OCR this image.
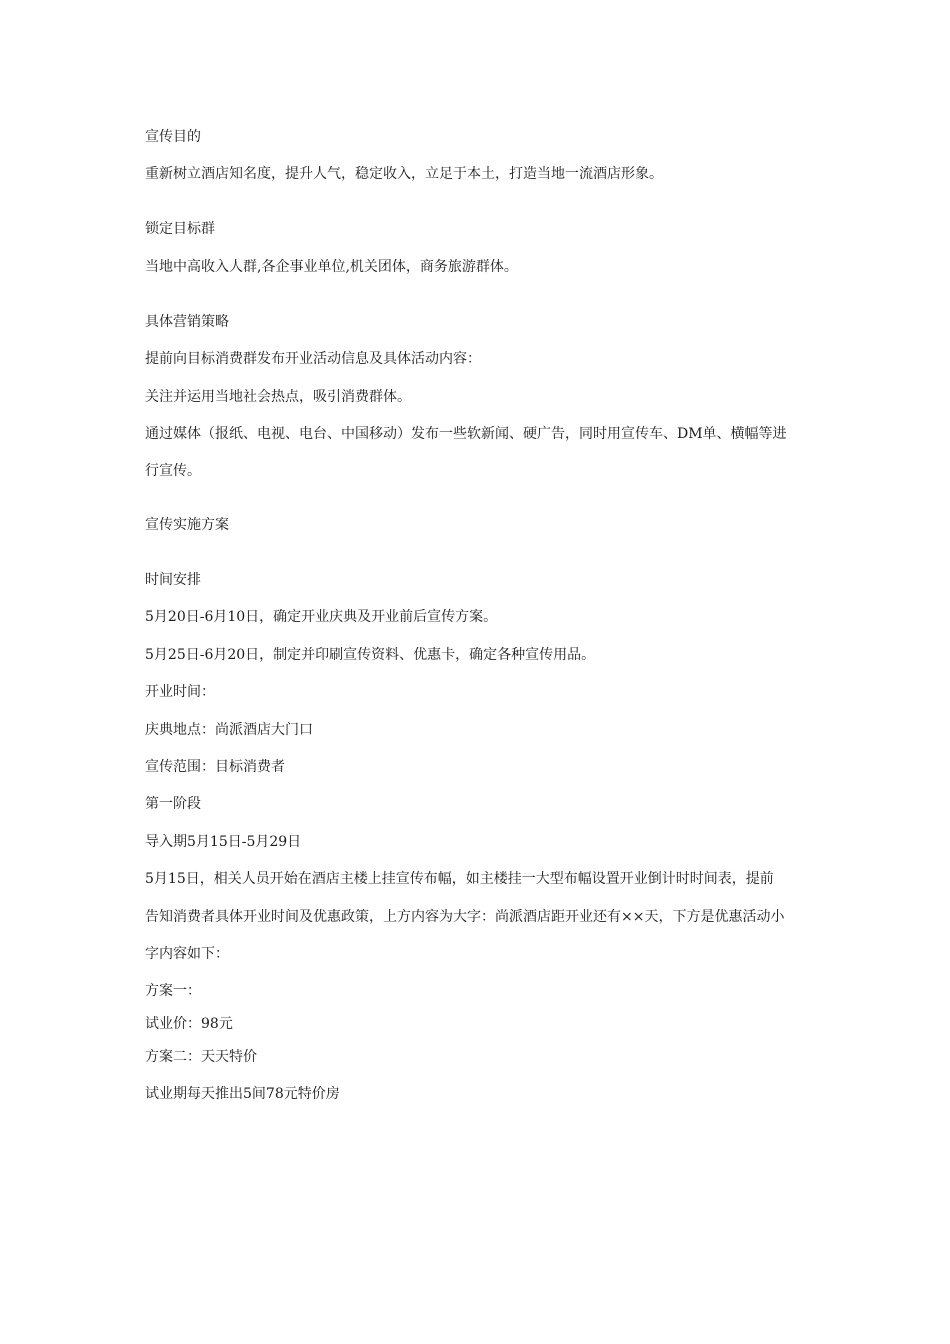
宣传目的

重新树立酒店知名度，提升人气，稳定收入，立足于本土，打造当地一流酒店形象。

锁定目标群

当地中高收入人群,各企事业单位,机关团体，商务旅游群体。

具体营销策略

提前向目标消费群发布开业活动信息及具体活动内容：

关注并运用当地社会热点，吸引消费群体。

通过媒体（报纸、电视、电台、中国移动）发布一些软新闻、硬广告，同时用宣传车、DM单、横幅等进

行宣传。

宣传实施方案

时间安排

5月20日-6月10日，确定开业庆典及开业前后宣传方案。

5月25日-6月20日，制定并印刷宣传资料、优惠卡，确定各种宣传用品。

开业时间：

庆典地点：尚派酒店大门口

宣传范围：目标消费者

第一阶段

导入期5月15日-5月29日

5月15日，相关人员开始在酒店主楼上挂宣传布幅，如主楼挂一大型布幅设置开业倒计时时间表，提前

告知消费者具体开业时间及优惠政策，上方内容为大字：尚派酒店距开业还有××天，下方是优惠活动小

字内容如下：

方案一：

试业价：98元

方案二：天天特价

试业期每天推出5间78元特价房
